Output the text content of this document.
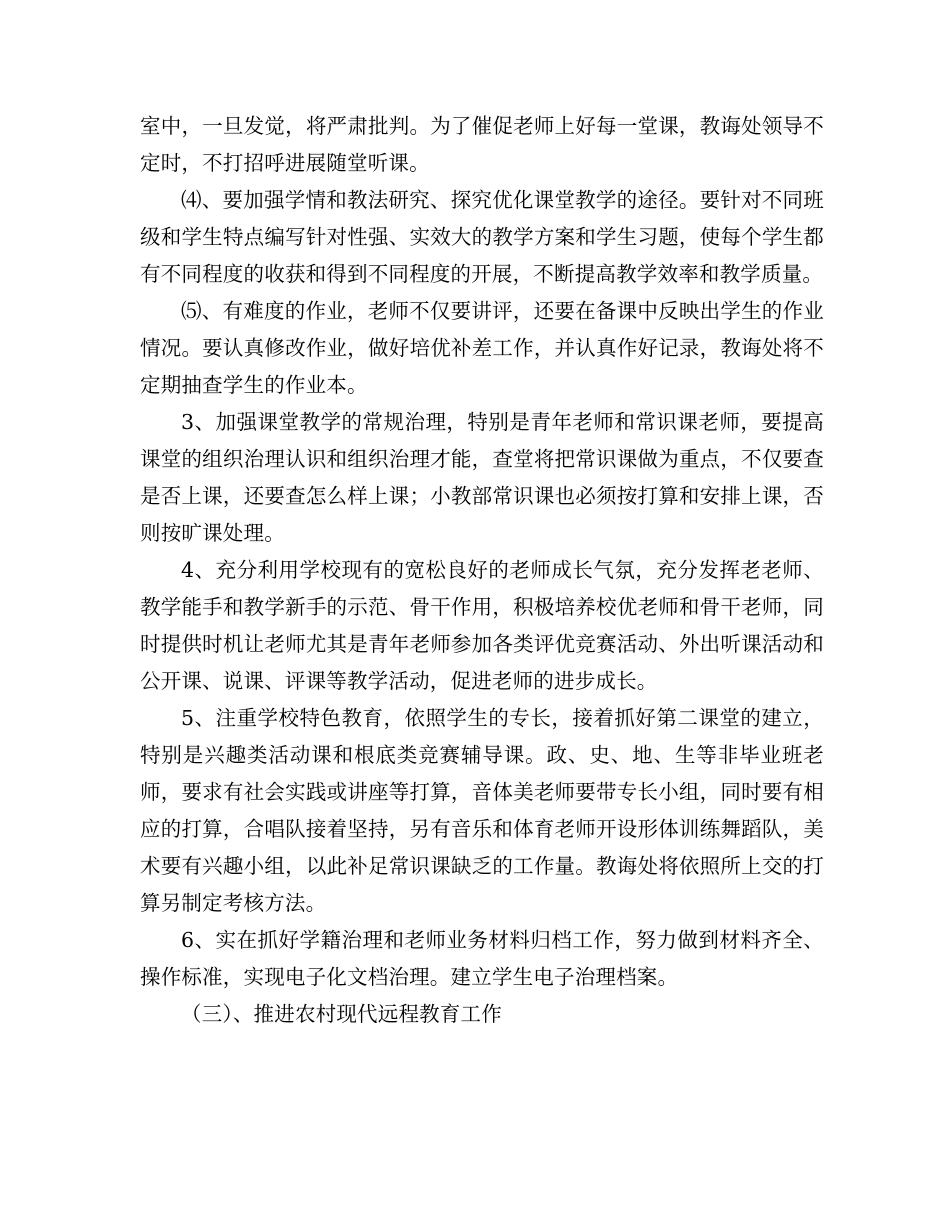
室中，一旦发觉，将严肃批判。为了催促老师上好每一堂课，教诲处领导不定时，不打招呼进展随堂听课。

⑷、要加强学情和教法研究、探究优化课堂教学的途径。要针对不同班级和学生特点编写针对性强、实效大的教学方案和学生习题，使每个学生都有不同程度的收获和得到不同程度的开展，不断提高教学效率和教学质量。

⑸、有难度的作业，老师不仅要讲评，还要在备课中反映出学生的作业情况。要认真修改作业，做好培优补差工作，并认真作好记录，教诲处将不定期抽查学生的作业本。

3、加强课堂教学的常规治理，特别是青年老师和常识课老师，要提高课堂的组织治理认识和组织治理才能，查堂将把常识课做为重点，不仅要查是否上课，还要查怎么样上课；小教部常识课也必须按打算和安排上课，否则按旷课处理。

4、充分利用学校现有的宽松良好的老师成长气氛，充分发挥老老师、教学能手和教学新手的示范、骨干作用，积极培养校优老师和骨干老师，同时提供时机让老师尤其是青年老师参加各类评优竞赛活动、外出听课活动和公开课、说课、评课等教学活动，促进老师的进步成长。

5、注重学校特色教育，依照学生的专长，接着抓好第二课堂的建立，特别是兴趣类活动课和根底类竞赛辅导课。政、史、地、生等非毕业班老师，要求有社会实践或讲座等打算，音体美老师要带专长小组，同时要有相应的打算，合唱队接着坚持，另有音乐和体育老师开设形体训练舞蹈队，美术要有兴趣小组，以此补足常识课缺乏的工作量。教诲处将依照所上交的打算另制定考核方法。

6、实在抓好学籍治理和老师业务材料归档工作，努力做到材料齐全、操作标准，实现电子化文档治理。建立学生电子治理档案。

（三）、推进农村现代远程教育工作
